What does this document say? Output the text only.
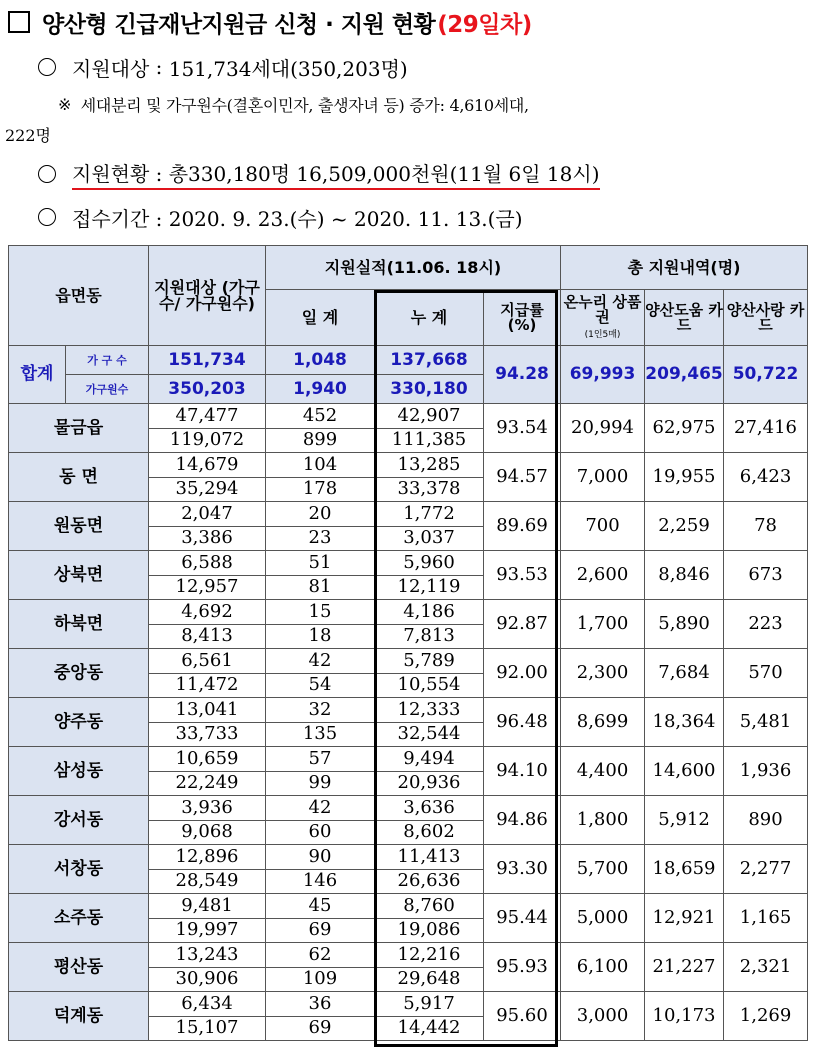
양산형 긴급재난지원금 신청 · 지원 현황 (29일차)
지원대상 : 151,734세대(350,203명)
※
세대분리 및 가구원수(결혼이민자, 출생자녀 등) 증가: 4,610세대,
222명
지원현황 : 총330,180명 16,509,000천원(11월 6일 18시)
접수기간 : 2020. 9. 23.(수) ~ 2020. 11. 13.(금)
읍면동		지원대상 (가구수/ 가구원수)	지원실적(11.06. 18시)			총 지원내역(명)		
			일 계	누 계	지급률 (%)	온누리 상품권
(1인5매)	양산도움 카드	양산사랑 카드
합계	가 구 수	151,734	1,048	137,668	94.28	69,993	209,465	50,722
	가구원수	350,203	1,940	330,180				
물금읍		47,477	452	42,907	93.54	20,994	62,975	27,416
		119,072	899	111,385				
동 면		14,679	104	13,285	94.57	7,000	19,955	6,423
		35,294	178	33,378				
원동면		2,047	20	1,772	89.69	700	2,259	78
		3,386	23	3,037				
상북면		6,588	51	5,960	93.53	2,600	8,846	673
		12,957	81	12,119				
하북면		4,692	15	4,186	92.87	1,700	5,890	223
		8,413	18	7,813				
중앙동		6,561	42	5,789	92.00	2,300	7,684	570
		11,472	54	10,554				
양주동		13,041	32	12,333	96.48	8,699	18,364	5,481
		33,733	135	32,544				
삼성동		10,659	57	9,494	94.10	4,400	14,600	1,936
		22,249	99	20,936				
강서동		3,936	42	3,636	94.86	1,800	5,912	890
		9,068	60	8,602				
서창동		12,896	90	11,413	93.30	5,700	18,659	2,277
		28,549	146	26,636				
소주동		9,481	45	8,760	95.44	5,000	12,921	1,165
		19,997	69	19,086				
평산동		13,243	62	12,216	95.93	6,100	21,227	2,321
		30,906	109	29,648				
덕계동		6,434	36	5,917	95.60	3,000	10,173	1,269
		15,107	69	14,442				
